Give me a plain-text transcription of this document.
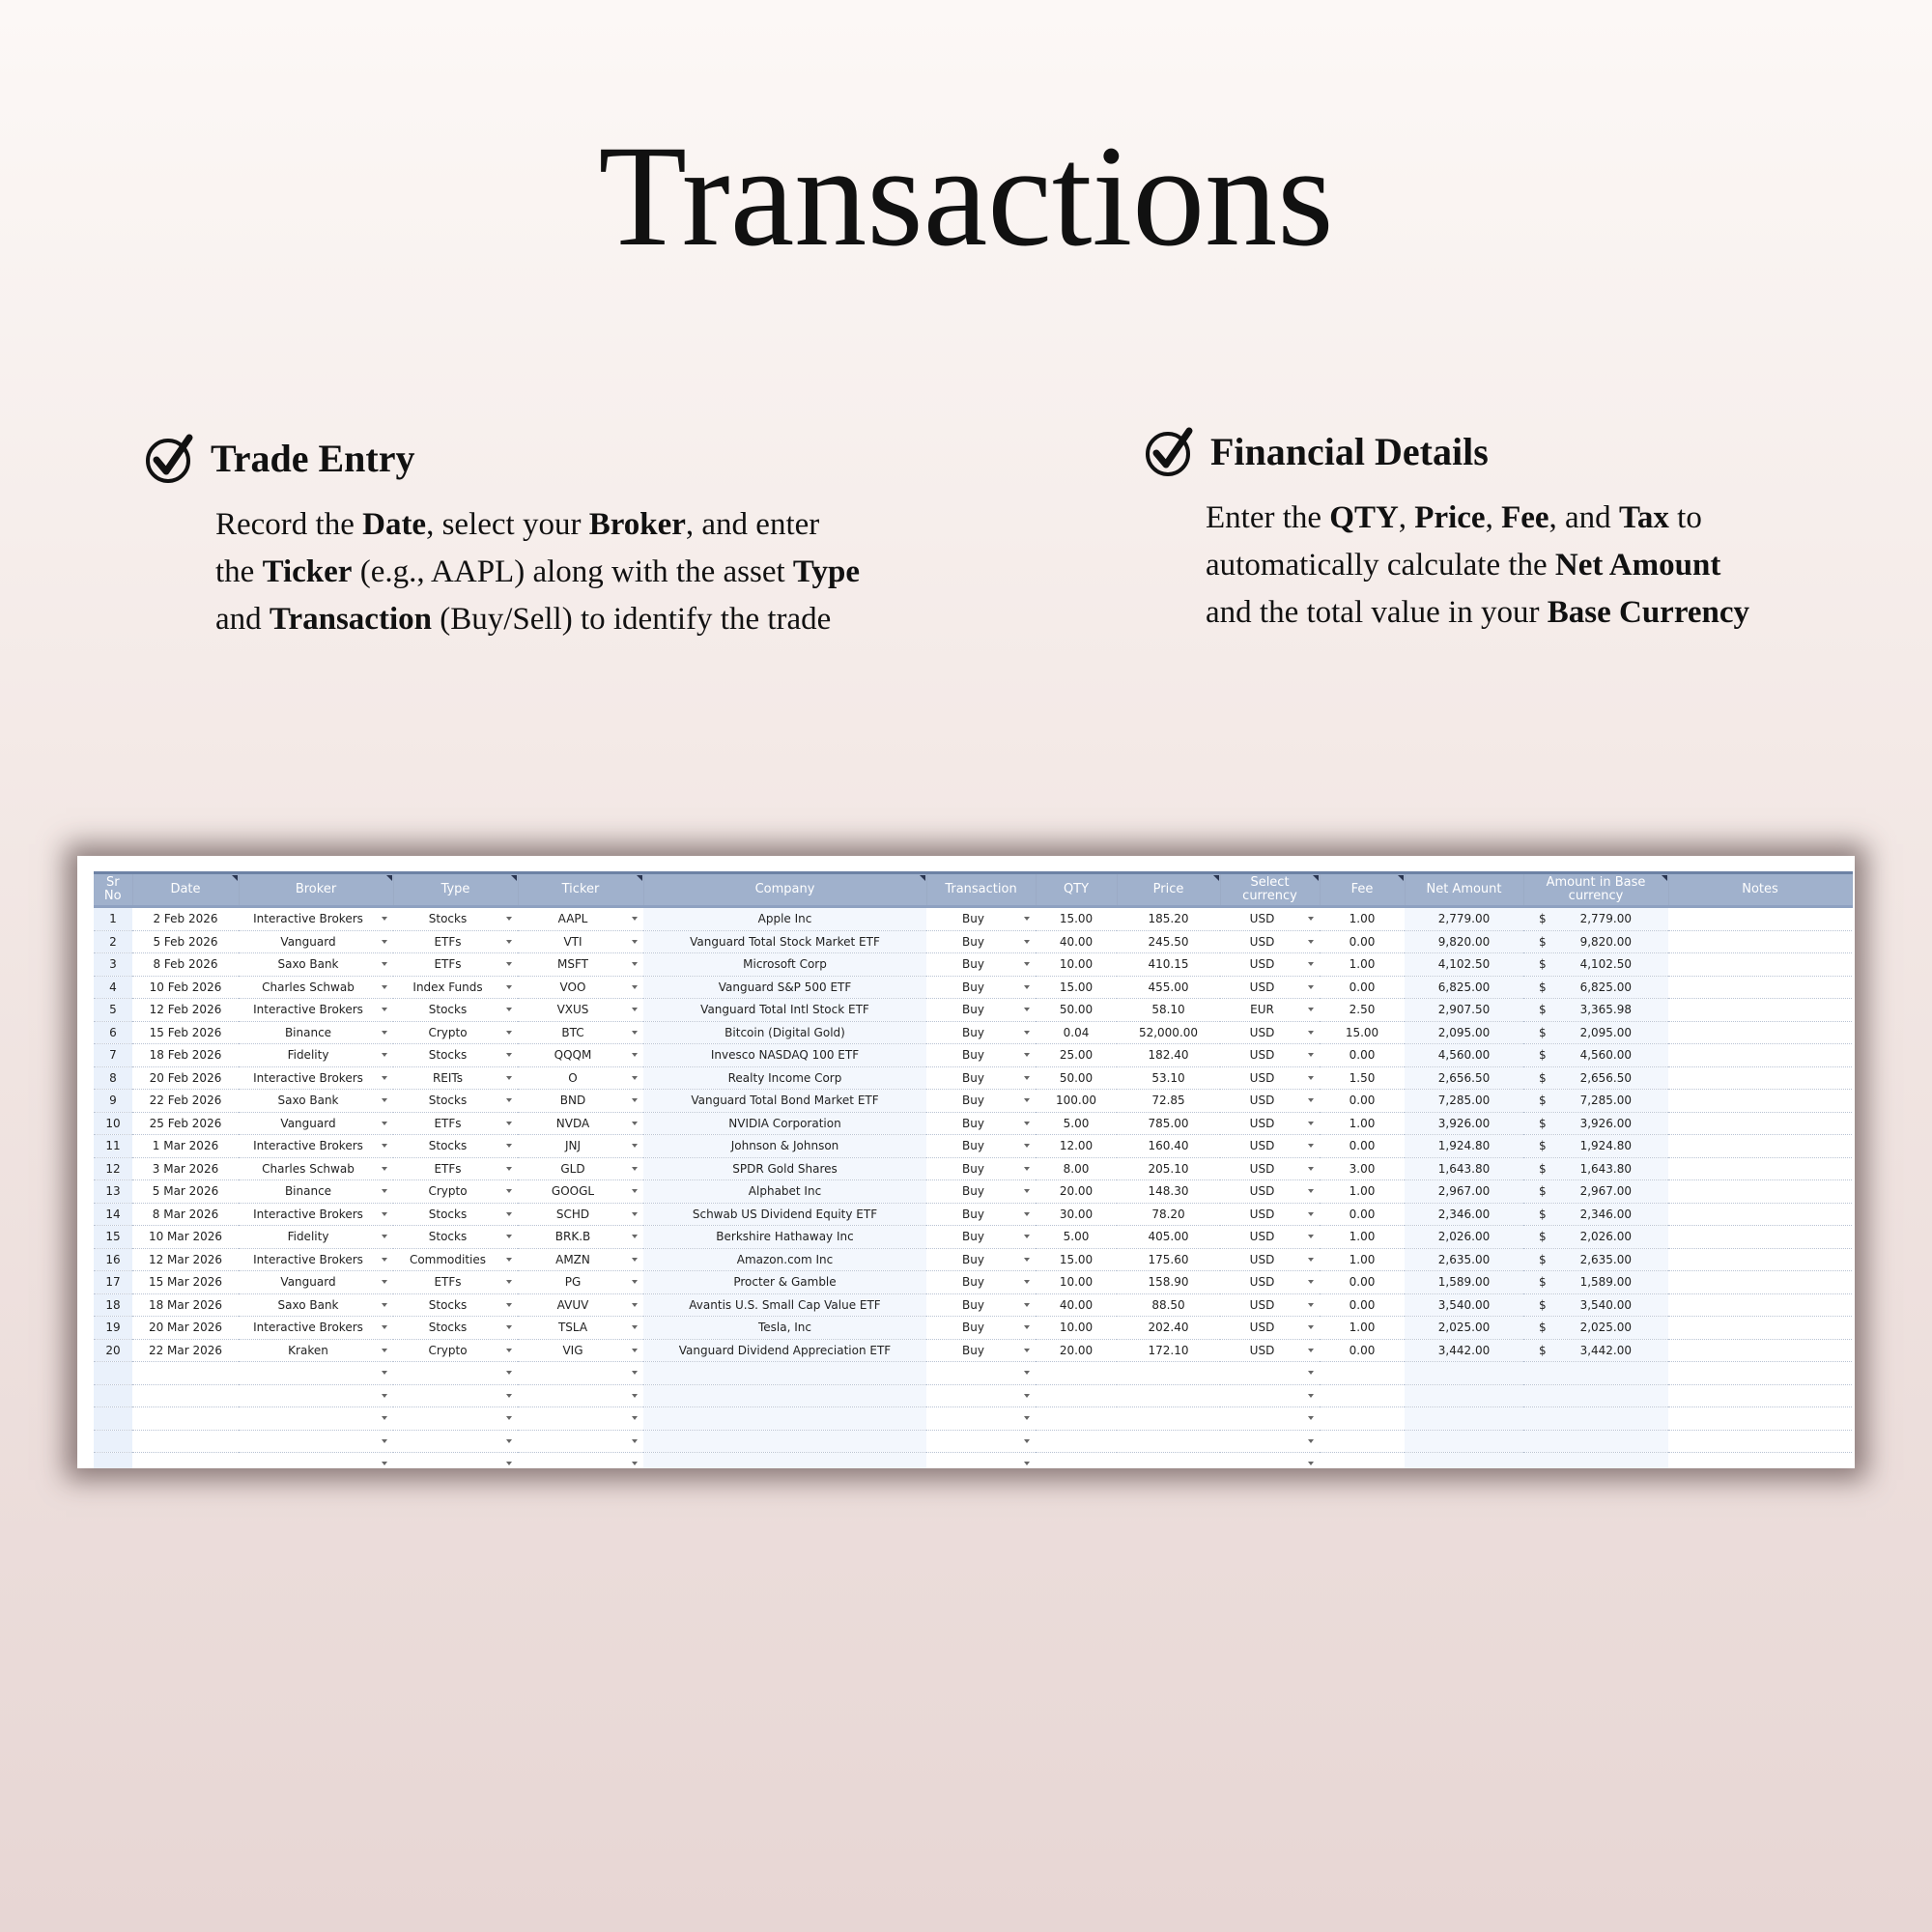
Transactions
Trade Entry
Record the Date, select your Broker, and enter
the Ticker (e.g., AAPL) along with the asset Type
and Transaction (Buy/Sell) to identify the trade
Financial Details
Enter the QTY, Price, Fee, and Tax to
automatically calculate the Net Amount
and the total value in your Base Currency
Sr
No	Date	Broker	Type	Ticker	Company	Transaction	QTY	Price	Select
currency	Fee	Net Amount	Amount in Base
currency	Notes
1	2 Feb 2026	Interactive Brokers	Stocks	AAPL	Apple Inc	Buy	15.00	185.20	USD	1.00	2,779.00	$ 2,779.00	

2	5 Feb 2026	Vanguard	ETFs	VTI	Vanguard Total Stock Market ETF	Buy	40.00	245.50	USD	0.00	9,820.00	$ 9,820.00	

3	8 Feb 2026	Saxo Bank	ETFs	MSFT	Microsoft Corp	Buy	10.00	410.15	USD	1.00	4,102.50	$ 4,102.50	

4	10 Feb 2026	Charles Schwab	Index Funds	VOO	Vanguard S&P 500 ETF	Buy	15.00	455.00	USD	0.00	6,825.00	$ 6,825.00	

5	12 Feb 2026	Interactive Brokers	Stocks	VXUS	Vanguard Total Intl Stock ETF	Buy	50.00	58.10	EUR	2.50	2,907.50	$ 3,365.98	

6	15 Feb 2026	Binance	Crypto	BTC	Bitcoin (Digital Gold)	Buy	0.04	52,000.00	USD	15.00	2,095.00	$ 2,095.00	

7	18 Feb 2026	Fidelity	Stocks	QQQM	Invesco NASDAQ 100 ETF	Buy	25.00	182.40	USD	0.00	4,560.00	$ 4,560.00	

8	20 Feb 2026	Interactive Brokers	REITs	O	Realty Income Corp	Buy	50.00	53.10	USD	1.50	2,656.50	$ 2,656.50	

9	22 Feb 2026	Saxo Bank	Stocks	BND	Vanguard Total Bond Market ETF	Buy	100.00	72.85	USD	0.00	7,285.00	$ 7,285.00	

10	25 Feb 2026	Vanguard	ETFs	NVDA	NVIDIA Corporation	Buy	5.00	785.00	USD	1.00	3,926.00	$ 3,926.00	

11	1 Mar 2026	Interactive Brokers	Stocks	JNJ	Johnson & Johnson	Buy	12.00	160.40	USD	0.00	1,924.80	$ 1,924.80	

12	3 Mar 2026	Charles Schwab	ETFs	GLD	SPDR Gold Shares	Buy	8.00	205.10	USD	3.00	1,643.80	$ 1,643.80	

13	5 Mar 2026	Binance	Crypto	GOOGL	Alphabet Inc	Buy	20.00	148.30	USD	1.00	2,967.00	$ 2,967.00	

14	8 Mar 2026	Interactive Brokers	Stocks	SCHD	Schwab US Dividend Equity ETF	Buy	30.00	78.20	USD	0.00	2,346.00	$ 2,346.00	

15	10 Mar 2026	Fidelity	Stocks	BRK.B	Berkshire Hathaway Inc	Buy	5.00	405.00	USD	1.00	2,026.00	$ 2,026.00	

16	12 Mar 2026	Interactive Brokers	Commodities	AMZN	Amazon.com Inc	Buy	15.00	175.60	USD	1.00	2,635.00	$ 2,635.00	

17	15 Mar 2026	Vanguard	ETFs	PG	Procter & Gamble	Buy	10.00	158.90	USD	0.00	1,589.00	$ 1,589.00	

18	18 Mar 2026	Saxo Bank	Stocks	AVUV	Avantis U.S. Small Cap Value ETF	Buy	40.00	88.50	USD	0.00	3,540.00	$ 3,540.00	

19	20 Mar 2026	Interactive Brokers	Stocks	TSLA	Tesla, Inc	Buy	10.00	202.40	USD	1.00	2,025.00	$ 2,025.00	

20	22 Mar 2026	Kraken	Crypto	VIG	Vanguard Dividend Appreciation ETF	Buy	20.00	172.10	USD	0.00	3,442.00	$ 3,442.00	
